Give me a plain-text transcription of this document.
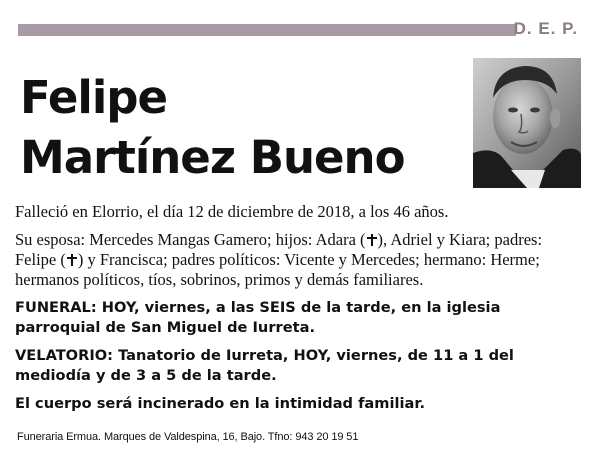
D. E. P.
Felipe
Martínez Bueno

Falleció en Elorrio, el día 12 de diciembre de 2018, a los 46 años.

Su esposa: Mercedes Mangas Gamero; hijos: Adara ( ), Adriel y Kiara; padres: Felipe ( ) y Francisca; padres políticos: Vicente y Mercedes; hermano: Herme; hermanos políticos, tíos, sobrinos, primos y demás familiares.

FUNERAL: HOY, viernes, a las SEIS de la tarde, en la iglesia parroquial de San Miguel de Iurreta.

VELATORIO: Tanatorio de Iurreta, HOY, viernes, de 11 a 1 del mediodía y de 3 a 5 de la tarde.

El cuerpo será incinerado en la intimidad familiar.

Funeraria Ermua. Marques de Valdespina, 16, Bajo. Tfno: 943 20 19 51
